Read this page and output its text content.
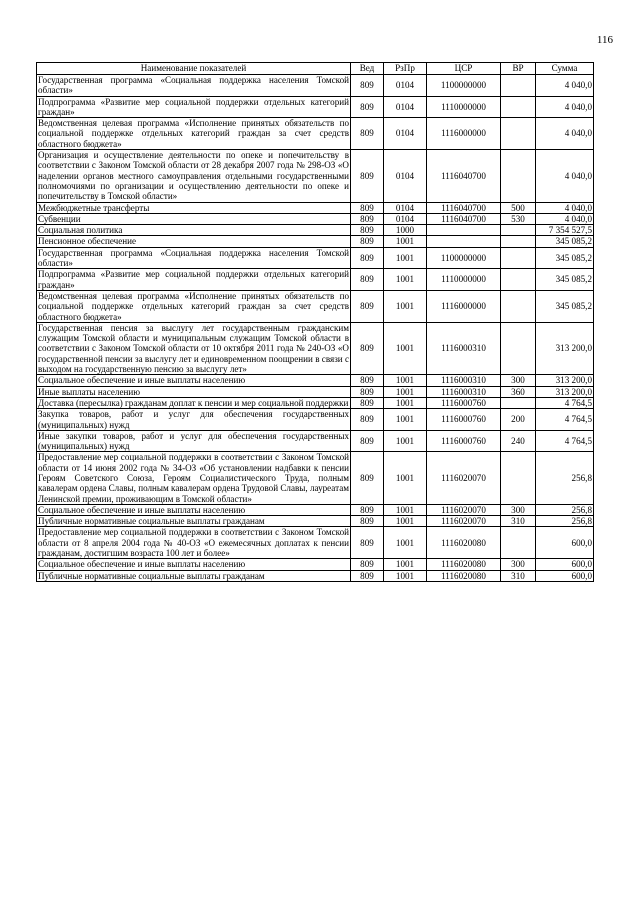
116
Наименование показателей	Вед	РзПр	ЦСР	ВР	Сумма
Государственная программа «Социальная поддержка населения Томской области»	809	0104	1100000000		4 040,0
Подпрограмма «Развитие мер социальной поддержки отдельных категорий граждан»	809	0104	1110000000		4 040,0
Ведомственная целевая программа «Исполнение принятых обязательств по социальной поддержке отдельных категорий граждан за счет средств областного бюджета»	809	0104	1116000000		4 040,0
Организация и осуществление деятельности по опеке и попечительству в соответствии с Законом Томской области от 28 декабря 2007 года № 298-ОЗ «О наделении органов местного самоуправления отдельными государственными полномочиями по организации и осуществлению деятельности по опеке и попечительству в Томской области»	809	0104	1116040700		4 040,0
Межбюджетные трансферты	809	0104	1116040700	500	4 040,0
Субвенции	809	0104	1116040700	530	4 040,0
Социальная политика	809	1000			7 354 527,5
Пенсионное обеспечение	809	1001			345 085,2
Государственная программа «Социальная поддержка населения Томской области»	809	1001	1100000000		345 085,2
Подпрограмма «Развитие мер социальной поддержки отдельных категорий граждан»	809	1001	1110000000		345 085,2
Ведомственная целевая программа «Исполнение принятых обязательств по социальной поддержке отдельных категорий граждан за счет средств областного бюджета»	809	1001	1116000000		345 085,2
Государственная пенсия за выслугу лет государственным гражданским служащим Томской области и муниципальным служащим Томской области в соответствии с Законом Томской области от 10 октября 2011 года № 240-ОЗ «О государственной пенсии за выслугу лет и единовременном поощрении в связи с выходом на государственную пенсию за выслугу лет»	809	1001	1116000310		313 200,0
Социальное обеспечение и иные выплаты населению	809	1001	1116000310	300	313 200,0
Иные выплаты населению	809	1001	1116000310	360	313 200,0
Доставка (пересылка) гражданам доплат к пенсии и мер социальной поддержки	809	1001	1116000760		4 764,5
Закупка товаров, работ и услуг для обеспечения государственных (муниципальных) нужд	809	1001	1116000760	200	4 764,5
Иные закупки товаров, работ и услуг для обеспечения государственных (муниципальных) нужд	809	1001	1116000760	240	4 764,5
Предоставление мер социальной поддержки в соответствии с Законом Томской области от 14 июня 2002 года № 34-ОЗ «Об установлении надбавки к пенсии Героям Советского Союза, Героям Социалистического Труда, полным кавалерам ордена Славы, полным кавалерам ордена Трудовой Славы, лауреатам Ленинской премии, проживающим в Томской области»	809	1001	1116020070		256,8
Социальное обеспечение и иные выплаты населению	809	1001	1116020070	300	256,8
Публичные нормативные социальные выплаты гражданам	809	1001	1116020070	310	256,8
Предоставление мер социальной поддержки в соответствии с Законом Томской области от 8 апреля 2004 года № 40-ОЗ «О ежемесячных доплатах к пенсии гражданам, достигшим возраста 100 лет и более»	809	1001	1116020080		600,0
Социальное обеспечение и иные выплаты населению	809	1001	1116020080	300	600,0
Публичные нормативные социальные выплаты гражданам	809	1001	1116020080	310	600,0
